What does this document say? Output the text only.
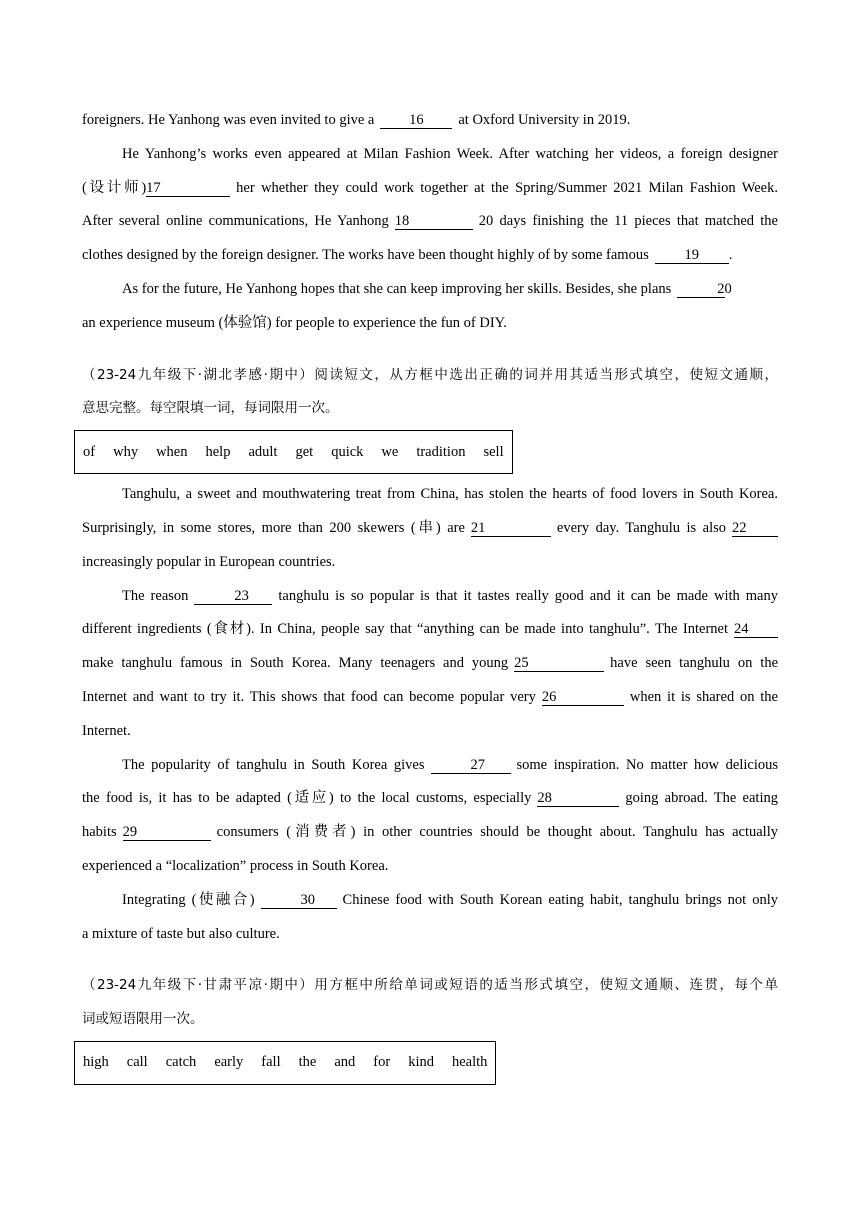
foreigners. He Yanhong was even invited to give a 16 at Oxford University in 2019.
He Yanhong’s works even appeared at Milan Fashion Week. After watching her videos, a foreign designer
(设计师)17	her whether they could work together at the Spring/Summer 2021 Milan Fashion Week.
After several online communications, He Yanhong 18	20 days finishing the 11 pieces that matched the
clothes designed by the foreign designer. The works have been thought highly of by some famous 19 .
As for the future, He Yanhong hopes that she can keep improving her skills. Besides, she plans	20
an experience museum (体验馆) for people to experience the fun of DIY.
（23-24九年级下·湖北孝感·期中）阅读短文，从方框中选出正确的词并用其适当形式填空，使短文通顺，
意思完整。每空限填一词，每词限用一次。
of why when help adult get quick we tradition sell
Tanghulu, a sweet and mouthwatering treat from China, has stolen the hearts of food lovers in South Korea.
Surprisingly, in some stores, more than 200 skewers (串) are 21	every day. Tanghulu is also 22
increasingly popular in European countries.
The reason	23 tanghulu is so popular is that it tastes really good and it can be made with many
different ingredients (食材). In China, people say that “anything can be made into tanghulu”. The Internet 24
make tanghulu famous in South Korea. Many teenagers and young 25	have seen tanghulu on the
Internet and want to try it. This shows that food can become popular very 26	when it is shared on the
Internet.
The popularity of tanghulu in South Korea gives	27 some inspiration. No matter how delicious
the food is, it has to be adapted (适应) to the local customs, especially 28	going abroad. The eating
habits 29	consumers (消费者) in other countries should be thought about. Tanghulu has actually
experienced a “localization” process in South Korea.
Integrating (使融合)	30 Chinese food with South Korean eating habit, tanghulu brings not only
a mixture of taste but also culture.
（23-24九年级下·甘肃平凉·期中）用方框中所给单词或短语的适当形式填空，使短文通顺、连贯，每个单
词或短语限用一次。
high call catch early fall the and for kind health
